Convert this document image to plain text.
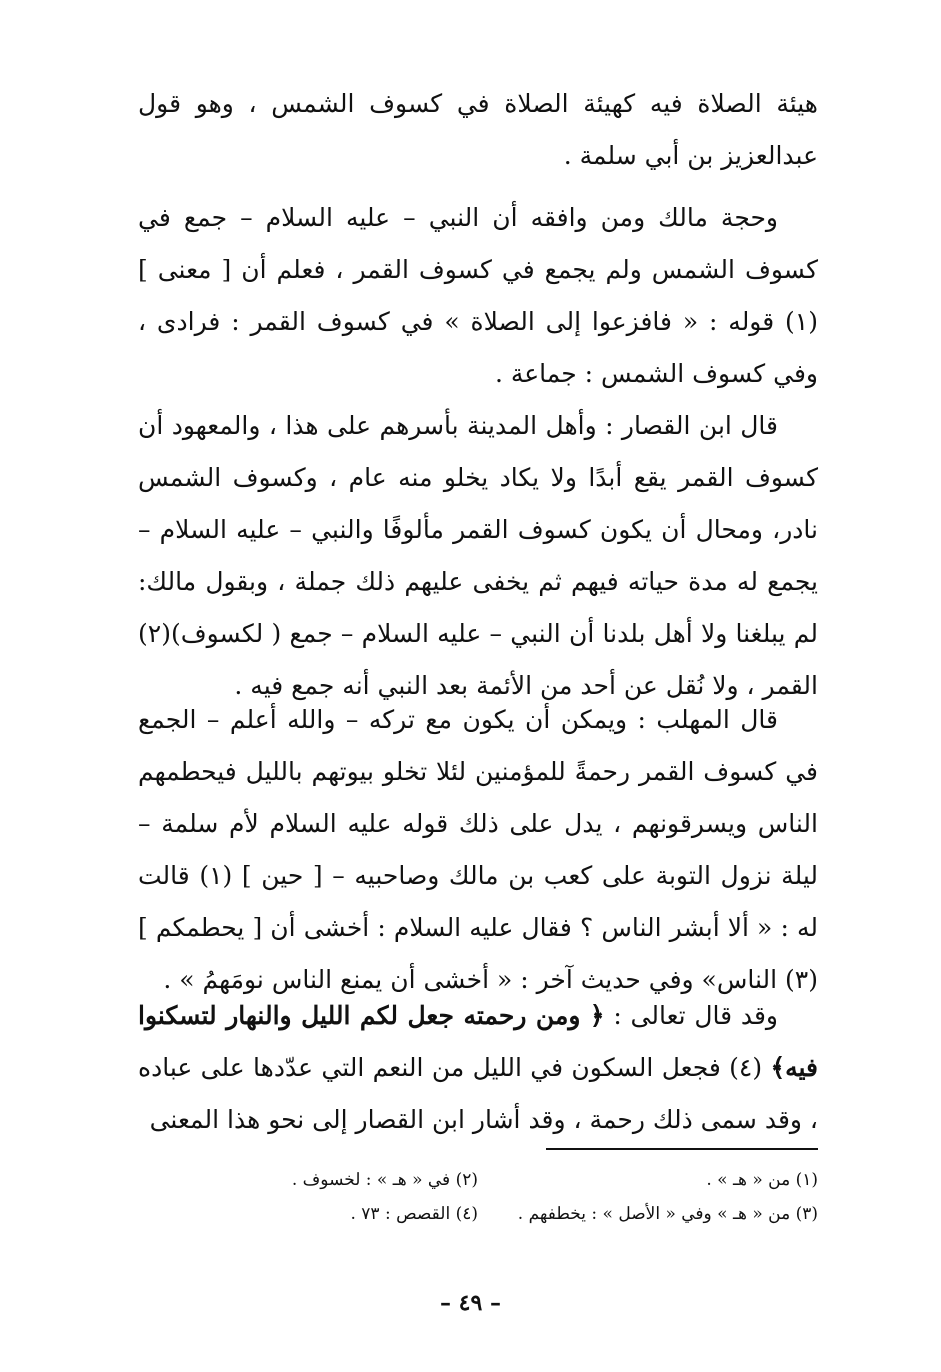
هيئة الصلاة فيه كهيئة الصلاة في كسوف الشمس ، وهو قول عبدالعزيز بن أبي سلمة .

وحجة مالك ومن وافقه أن النبي – عليه السلام – جمع في كسوف الشمس ولم يجمع في كسوف القمر ، فعلم أن [ معنى ] (١) قوله : « فافزعوا إلى الصلاة » في كسوف القمر : فرادى ، وفي كسوف الشمس : جماعة .

قال ابن القصار : وأهل المدينة بأسرهم على هذا ، والمعهود أن كسوف القمر يقع أبدًا ولا يكاد يخلو منه عام ، وكسوف الشمس نادر، ومحال أن يكون كسوف القمر مألوفًا والنبي – عليه السلام – يجمع له مدة حياته فيهم ثم يخفى عليهم ذلك جملة ، وبقول مالك: لم يبلغنا ولا أهل بلدنا أن النبي – عليه السلام – جمع ( لكسوف)(٢) القمر ، ولا نُقل عن أحد من الأئمة بعد النبي أنه جمع فيه .

قال المهلب : ويمكن أن يكون مع تركه – والله أعلم – الجمع في كسوف القمر رحمةً للمؤمنين لئلا تخلو بيوتهم بالليل فيحطمهم الناس ويسرقونهم ، يدل على ذلك قوله عليه السلام لأم سلمة – ليلة نزول التوبة على كعب بن مالك وصاحبيه – [ حين ] (١) قالت له : « ألا أبشر الناس ؟ فقال عليه السلام : أخشى أن [ يحطمكم ] (٣) الناس» وفي حديث آخر : « أخشى أن يمنع الناس نومَهمُ » .

وقد قال تعالى : ﴿ ومن رحمته جعل لكم الليل والنهار لتسكنوا فيه﴾ (٤) فجعل السكون في الليل من النعم التي عدّدها على عباده ، وقد سمى ذلك رحمة ، وقد أشار ابن القصار إلى نحو هذا المعنى

(١) من « هـ » .
(٢) في « هـ » : لخسوف .
(٣) من « هـ » وفي « الأصل » : يخطفهم .
(٤) القصص : ٧٣ .
– ٤٩ –
